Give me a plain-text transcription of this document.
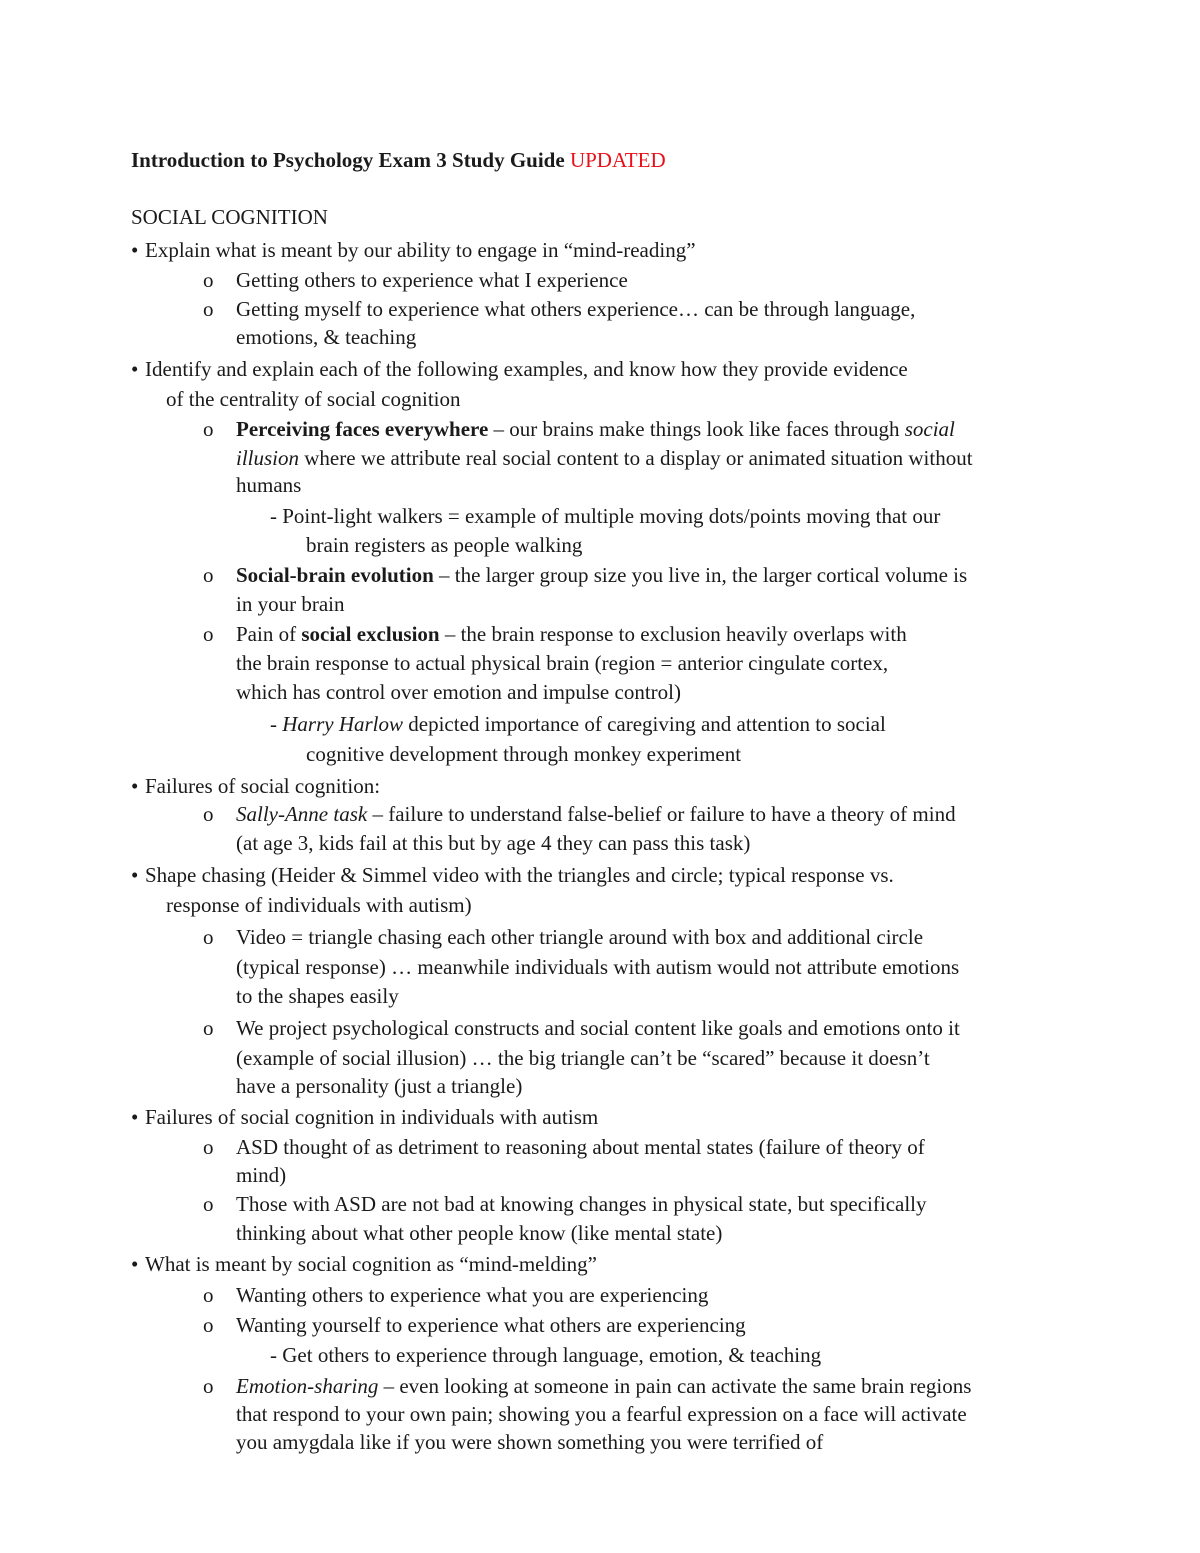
Introduction to Psychology Exam 3 Study Guide UPDATED
SOCIAL COGNITION
• Explain what is meant by our ability to engage in “mind-reading”
o Getting others to experience what I experience
o Getting myself to experience what others experience… can be through language,
emotions, & teaching
• Identify and explain each of the following examples, and know how they provide evidence
of the centrality of social cognition
o Perceiving faces everywhere – our brains make things look like faces through social
illusion where we attribute real social content to a display or animated situation without
humans
- Point-light walkers = example of multiple moving dots/points moving that our
brain registers as people walking
o Social-brain evolution – the larger group size you live in, the larger cortical volume is
in your brain
o Pain of social exclusion – the brain response to exclusion heavily overlaps with
the brain response to actual physical brain (region = anterior cingulate cortex,
which has control over emotion and impulse control)
- Harry Harlow depicted importance of caregiving and attention to social
cognitive development through monkey experiment
• Failures of social cognition:
o Sally-Anne task – failure to understand false-belief or failure to have a theory of mind
(at age 3, kids fail at this but by age 4 they can pass this task)
• Shape chasing (Heider & Simmel video with the triangles and circle; typical response vs.
response of individuals with autism)
o Video = triangle chasing each other triangle around with box and additional circle
(typical response) … meanwhile individuals with autism would not attribute emotions
to the shapes easily
o We project psychological constructs and social content like goals and emotions onto it
(example of social illusion) … the big triangle can’t be “scared” because it doesn’t
have a personality (just a triangle)
• Failures of social cognition in individuals with autism
o ASD thought of as detriment to reasoning about mental states (failure of theory of
mind)
o Those with ASD are not bad at knowing changes in physical state, but specifically
thinking about what other people know (like mental state)
• What is meant by social cognition as “mind-melding”
o Wanting others to experience what you are experiencing
o Wanting yourself to experience what others are experiencing
- Get others to experience through language, emotion, & teaching
o Emotion-sharing – even looking at someone in pain can activate the same brain regions
that respond to your own pain; showing you a fearful expression on a face will activate
you amygdala like if you were shown something you were terrified of
